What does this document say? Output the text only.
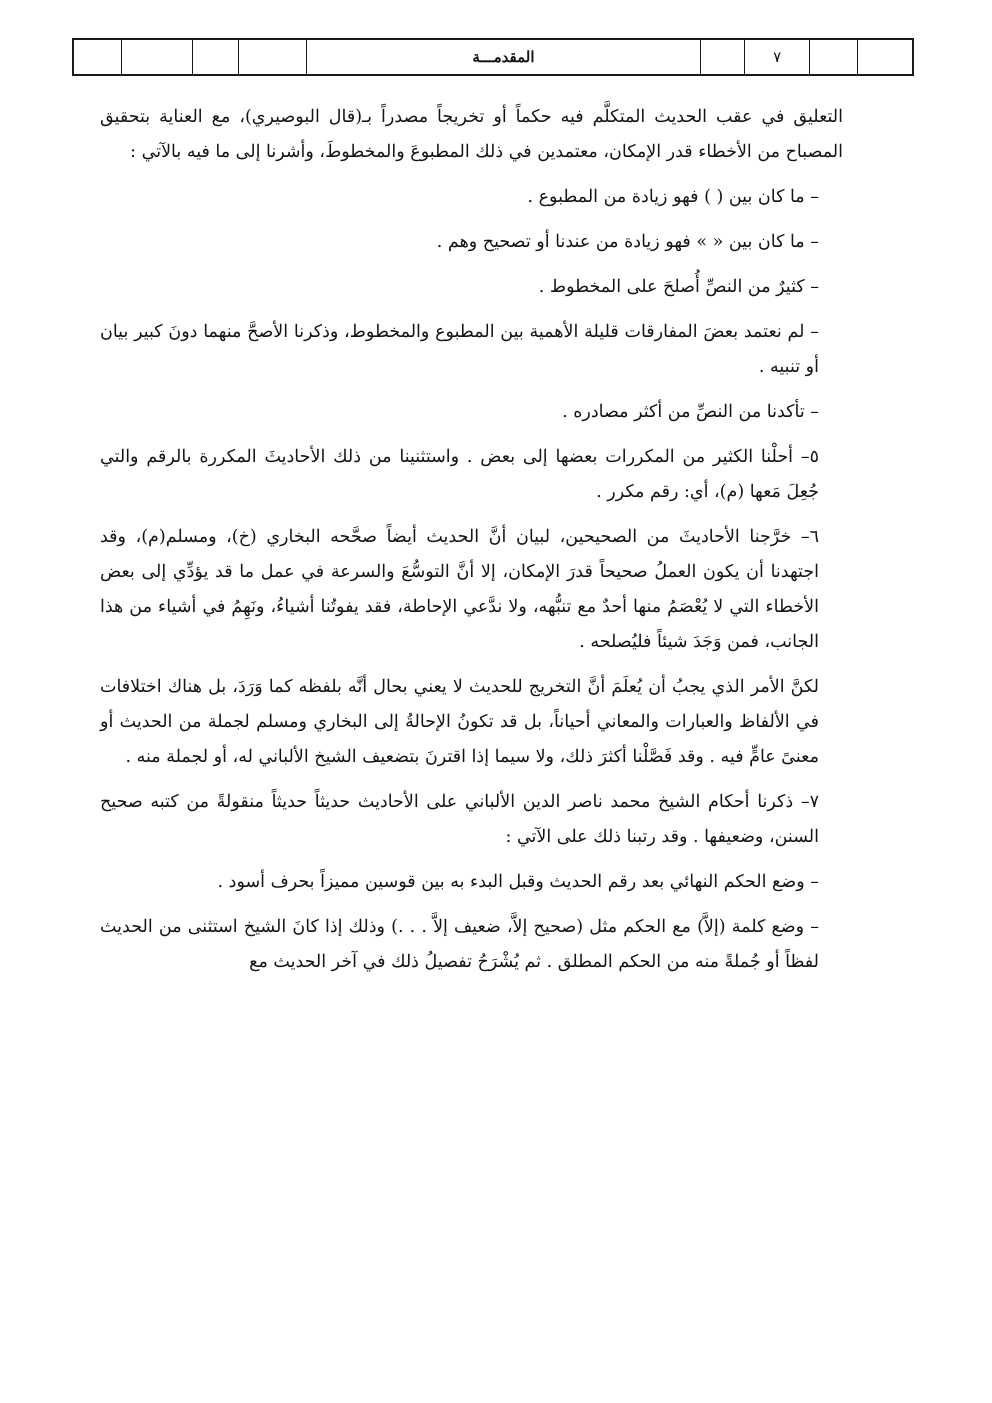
المقدمـــة	٧

التعليق في عقب الحديث المتكلَّم فيه حكماً أو تخريجاً مصدراً بـ(قال البوصيري)، مع العناية بتحقيق المصباح من الأخطاء قدر الإمكان، معتمدين في ذلك المطبوعَ والمخطوطَ، وأشرنا إلى ما فيه بالآتي :

– ما كان بين ( ) فهو زيادة من المطبوع .

– ما كان بين « » فهو زيادة من عندنا أو تصحيح وهم .

– كثيرٌ من النصِّ أُصلحَ على المخطوط .

– لم نعتمد بعضَ المفارقات قليلة الأهمية بين المطبوع والمخطوط، وذكرنا الأصحَّ منهما دونَ كبير بيان أو تنبيه .

– تأكدنا من النصِّ من أكثر مصادره .

٥– أحلْنا الكثير من المكررات بعضها إلى بعض . واستثنينا من ذلك الأحاديثَ المكررة بالرقم والتي جُعِلَ مَعها (م)، أي: رقم مكرر .

٦– خرَّجنا الأحاديثَ من الصحيحين، لبيان أنَّ الحديث أيضاً صحَّحه البخاري (خ)، ومسلم(م)، وقد اجتهدنا أن يكون العملُ صحيحاً قدرَ الإمكان، إلا أنَّ التوسُّعَ والسرعة في عمل ما قد يؤدِّي إلى بعض الأخطاء التي لا يُعْصَمُ منها أحدٌ مع تنبُّهه، ولا ندَّعي الإحاطة، فقد يفوتُنا أشياءُ، ونَهِمُ في أشياء من هذا الجانب، فمن وَجَدَ شيئاً فليُصلحه .

لكنَّ الأمر الذي يجبُ أن يُعلَمَ أنَّ التخريج للحديث لا يعني بحال أنَّه بلفظه كما وَرَدَ، بل هناك اختلافات في الألفاظ والعبارات والمعاني أحياناً، بل قد تكونُ الإحالةُ إلى البخاري ومسلم لجملة من الحديث أو معنىً عامٍّ فيه . وقد فَصَّلْنا أكثرَ ذلك، ولا سيما إذا اقترنَ بتضعيف الشيخ الألباني له، أو لجملة منه .

٧– ذكرنا أحكام الشيخ محمد ناصر الدين الألباني على الأحاديث حديثاً حديثاً منقولةً من كتبه صحيح السنن، وضعيفها . وقد رتبنا ذلك على الآتي :

– وضع الحكم النهائي بعد رقم الحديث وقبل البدء به بين قوسين مميزاً بحرف أسود .

– وضع كلمة (إلاَّ) مع الحكم مثل (صحيح إلاَّ، ضعيف إلاَّ . . .) وذلك إذا كانَ الشيخ استثنى من الحديث لفظاً أو جُملةً منه من الحكم المطلق . ثم يُشْرَحُ تفصيلُ ذلك في آخر الحديث مع
